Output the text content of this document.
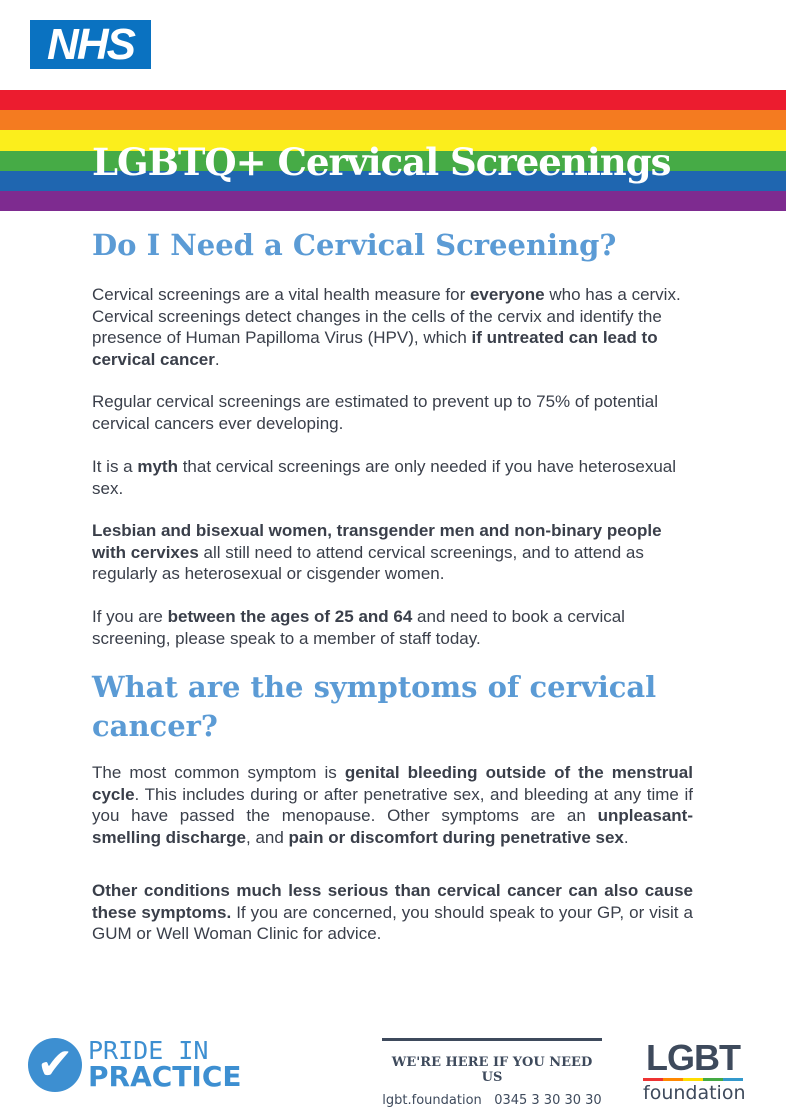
NHS
LGBTQ+ Cervical Screenings
Do I Need a Cervical Screening?
Cervical screenings are a vital health measure for everyone who has a cervix. Cervical screenings detect changes in the cells of the cervix and identify the presence of Human Papilloma Virus (HPV), which if untreated can lead to cervical cancer.
Regular cervical screenings are estimated to prevent up to 75% of potential cervical cancers ever developing.
It is a myth that cervical screenings are only needed if you have heterosexual sex.
Lesbian and bisexual women, transgender men and non-binary people with cervixes all still need to attend cervical screenings, and to attend as regularly as heterosexual or cisgender women.
If you are between the ages of 25 and 64 and need to book a cervical screening, please speak to a member of staff today.
What are the symptoms of cervical cancer?
The most common symptom is genital bleeding outside of the menstrual cycle. This includes during or after penetrative sex, and bleeding at any time if you have passed the menopause. Other symptoms are an unpleasant-smelling discharge, and pain or discomfort during penetrative sex.
Other conditions much less serious than cervical cancer can also cause these symptoms. If you are concerned, you should speak to your GP, or visit a GUM or Well Woman Clinic for advice.
✔ PRIDE IN
PRACTICE	WE'RE HERE IF YOU NEED US
lgbt.foundation 0345 3 30 30 30
LGBT
foundation
